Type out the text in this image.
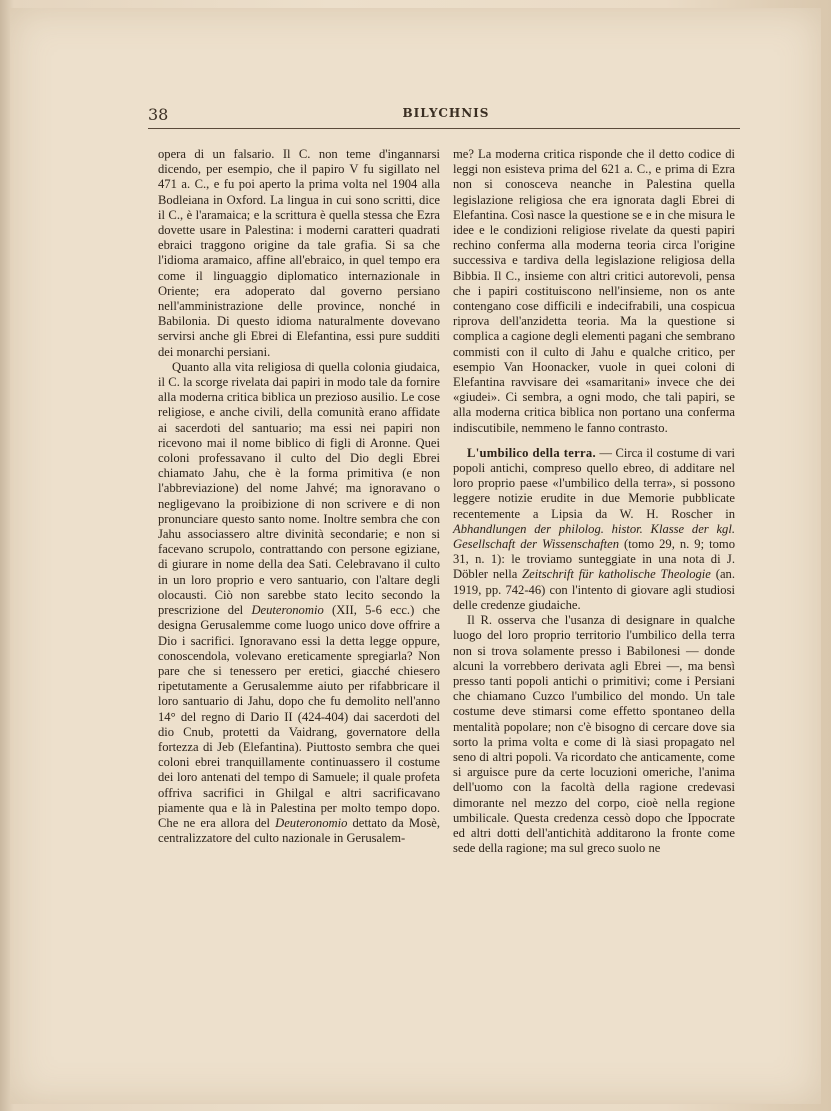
38	BILYCHNIS

opera di un falsario. Il C. non teme d'ingannarsi dicendo, per esempio, che il papiro V fu sigillato nel 471 a. C., e fu poi aperto la prima volta nel 1904 alla Bodleiana in Oxford. La lingua in cui sono scritti, dice il C., è l'aramaica; e la scrittura è quella stessa che Ezra dovette usare in Palestina: i moderni caratteri quadrati ebraici traggono origine da tale grafia. Si sa che l'idioma aramaico, affine all'ebraico, in quel tempo era come il linguaggio diplomatico internazionale in Oriente; era adoperato dal governo persiano nell'amministrazione delle province, nonché in Babilonia. Di questo idioma naturalmente dovevano servirsi anche gli Ebrei di Elefantina, essi pure sudditi dei monarchi persiani.

Quanto alla vita religiosa di quella colonia giudaica, il C. la scorge rivelata dai papiri in modo tale da fornire alla moderna critica biblica un prezioso ausilio. Le cose religiose, e anche civili, della comunità erano affidate ai sacerdoti del santuario; ma essi nei papiri non ricevono mai il nome biblico di figli di Aronne. Quei coloni professavano il culto del Dio degli Ebrei chiamato Jahu, che è la forma primitiva (e non l'abbreviazione) del nome Jahvé; ma ignoravano o negligevano la proibizione di non scrivere e di non pronunciare questo santo nome. Inoltre sembra che con Jahu associassero altre divinità secondarie; e non si facevano scrupolo, contrattando con persone egiziane, di giurare in nome della dea Sati. Celebravano il culto in un loro proprio e vero santuario, con l'altare degli olocausti. Ciò non sarebbe stato lecito secondo la prescrizione del Deuteronomio (XII, 5-6 ecc.) che designa Gerusalemme come luogo unico dove offrire a Dio i sacrifici. Ignoravano essi la detta legge oppure, conoscendola, volevano ereticamente spregiarla? Non pare che si tenessero per eretici, giacché chiesero ripetutamente a Gerusalemme aiuto per rifabbricare il loro santuario di Jahu, dopo che fu demolito nell'anno 14° del regno di Dario II (424-404) dai sacerdoti del dio Cnub, protetti da Vaidrang, governatore della fortezza di Jeb (Elefantina). Piuttosto sembra che quei coloni ebrei tranquillamente continuassero il costume dei loro antenati del tempo di Samuele; il quale profeta offriva sacrifici in Ghilgal e altri sacrificavano piamente qua e là in Palestina per molto tempo dopo. Che ne era allora del Deuteronomio dettato da Mosè, centralizzatore del culto nazionale in Gerusalem-

me? La moderna critica risponde che il detto codice di leggi non esisteva prima del 621 a. C., e prima di Ezra non si conosceva neanche in Palestina quella legislazione religiosa che era ignorata dagli Ebrei di Elefantina. Così nasce la questione se e in che misura le idee e le condizioni religiose rivelate da questi papiri rechino conferma alla moderna teoria circa l'origine successiva e tardiva della legislazione religiosa della Bibbia. Il C., insieme con altri critici autorevoli, pensa che i papiri costituiscono nell'insieme, non os ante contengano cose difficili e indecifrabili, una cospicua riprova dell'anzidetta teoria. Ma la questione si complica a cagione degli elementi pagani che sembrano commisti con il culto di Jahu e qualche critico, per esempio Van Hoonacker, vuole in quei coloni di Elefantina ravvisare dei «samaritani» invece che dei «giudei». Ci sembra, a ogni modo, che tali papiri, se alla moderna critica biblica non portano una conferma indiscutibile, nemmeno le fanno contrasto.

L'umbilico della terra. — Circa il costume di vari popoli antichi, compreso quello ebreo, di additare nel loro proprio paese «l'umbilico della terra», si possono leggere notizie erudite in due Memorie pubblicate recentemente a Lipsia da W. H. Roscher in Abhandlungen der philolog. histor. Klasse der kgl. Gesellschaft der Wissenschaften (tomo 29, n. 9; tomo 31, n. 1): le troviamo sunteggiate in una nota di J. Döbler nella Zeitschrift für katholische Theologie (an. 1919, pp. 742-46) con l'intento di giovare agli studiosi delle credenze giudaiche.

Il R. osserva che l'usanza di designare in qualche luogo del loro proprio territorio l'umbilico della terra non si trova solamente presso i Babilonesi — donde alcuni la vorrebbero derivata agli Ebrei —, ma bensì presso tanti popoli antichi o primitivi; come i Persiani che chiamano Cuzco l'umbilico del mondo. Un tale costume deve stimarsi come effetto spontaneo della mentalità popolare; non c'è bisogno di cercare dove sia sorto la prima volta e come di là siasi propagato nel seno di altri popoli. Va ricordato che anticamente, come si arguisce pure da certe locuzioni omeriche, l'anima dell'uomo con la facoltà della ragione credevasi dimorante nel mezzo del corpo, cioè nella regione umbilicale. Questa credenza cessò dopo che Ippocrate ed altri dotti dell'antichità additarono la fronte come sede della ragione; ma sul greco suolo ne
